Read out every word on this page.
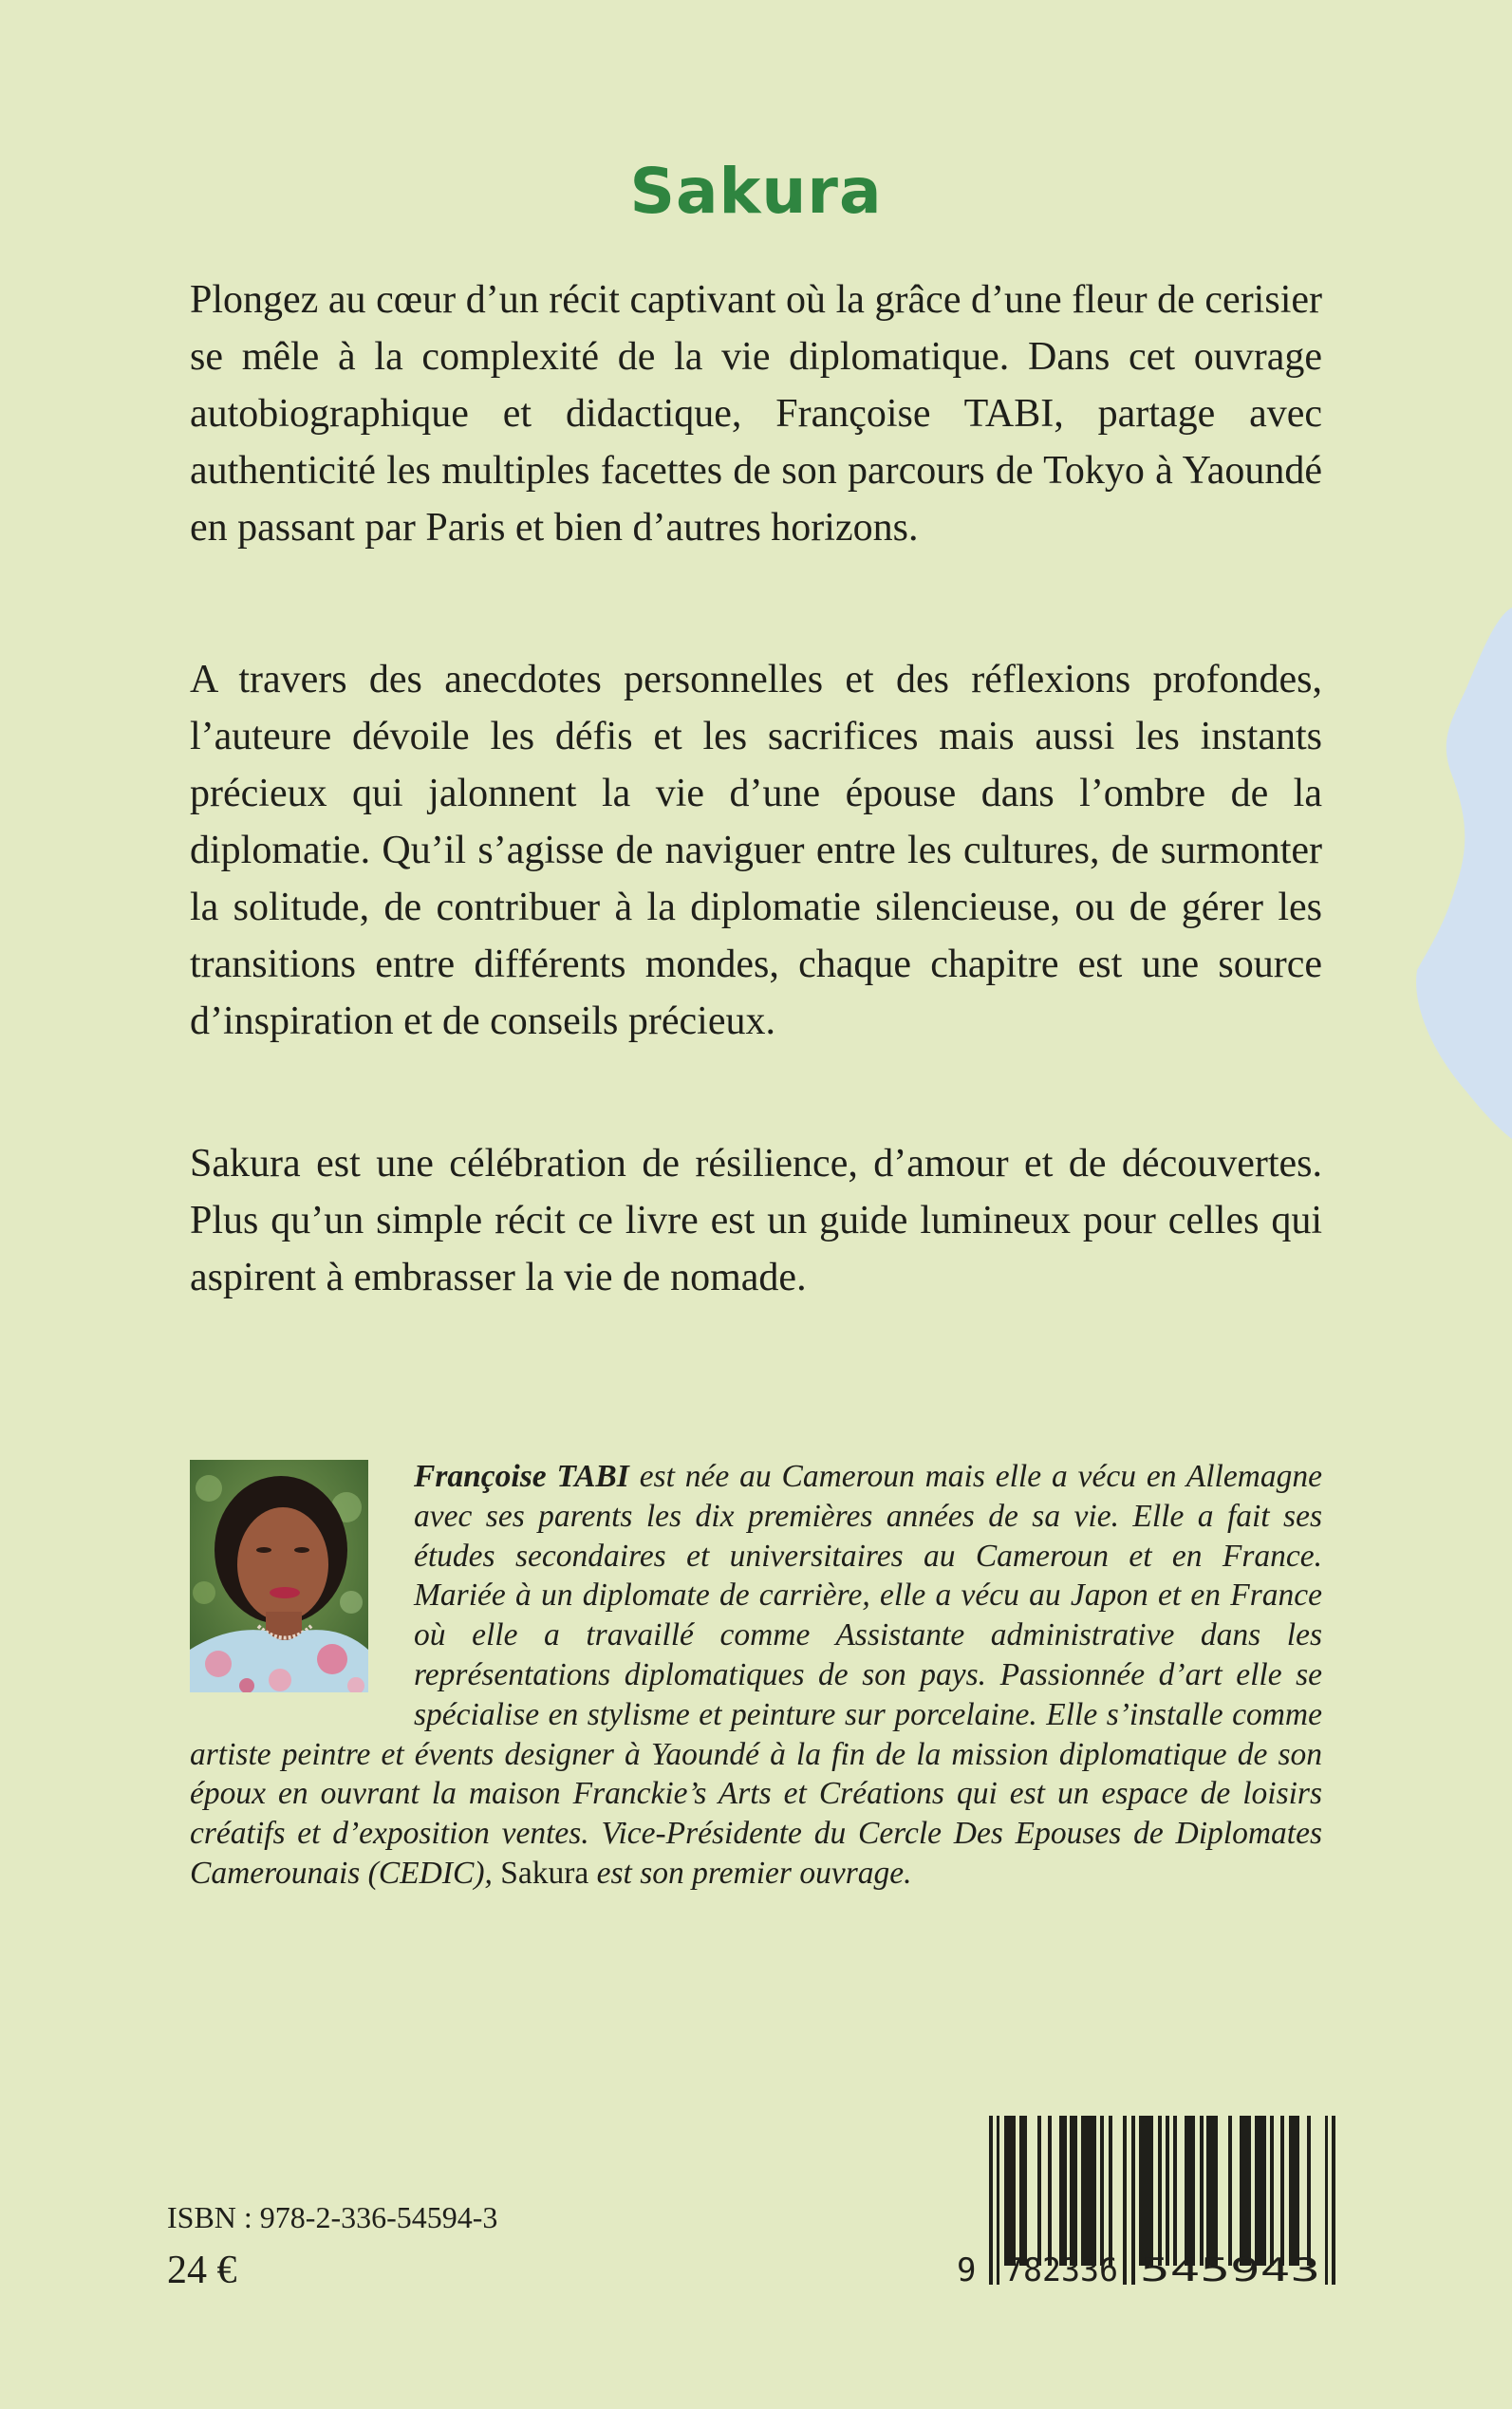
Sakura

Plongez au cœur d’un récit captivant où la grâce d’une fleur de cerisier se mêle à la complexité de la vie diplomatique. Dans cet ouvrage autobiographique et didactique, Françoise TABI, partage avec authenticité les multiples facettes de son parcours de Tokyo à Yaoundé en passant par Paris et bien d’autres horizons.

A travers des anecdotes personnelles et des réflexions profondes, l’auteure dévoile les défis et les sacrifices mais aussi les instants précieux qui jalonnent la vie d’une épouse dans l’ombre de la diplomatie. Qu’il s’agisse de naviguer entre les cultures, de surmonter la solitude, de contribuer à la diplomatie silencieuse, ou de gérer les transitions entre différents mondes, chaque chapitre est une source d’inspiration et de conseils précieux.

Sakura est une célébration de résilience, d’amour et de découvertes. Plus qu’un simple récit ce livre est un guide lumineux pour celles qui aspirent à embrasser la vie de nomade.

Françoise TABI est née au Cameroun mais elle a vécu en Allemagne avec ses parents les dix premières années de sa vie. Elle a fait ses études secondaires et universitaires au Cameroun et en France. Mariée à un diplomate de carrière, elle a vécu au Japon et en France où elle a travaillé comme Assistante administrative dans les représentations diplomatiques de son pays. Passionnée d’art elle se spécialise en stylisme et peinture sur porcelaine. Elle s’installe comme artiste peintre et évents designer à Yaoundé à la fin de la mission diplomatique de son époux en ouvrant la maison Franckie’s Arts et Créations qui est un espace de loisirs créatifs et d’exposition ventes. Vice-Présidente du Cercle Des Epouses de Diplomates Camerounais (CEDIC), Sakura est son premier ouvrage.

ISBN : 978-2-336-54594-3
24 €	9 782336 545943
